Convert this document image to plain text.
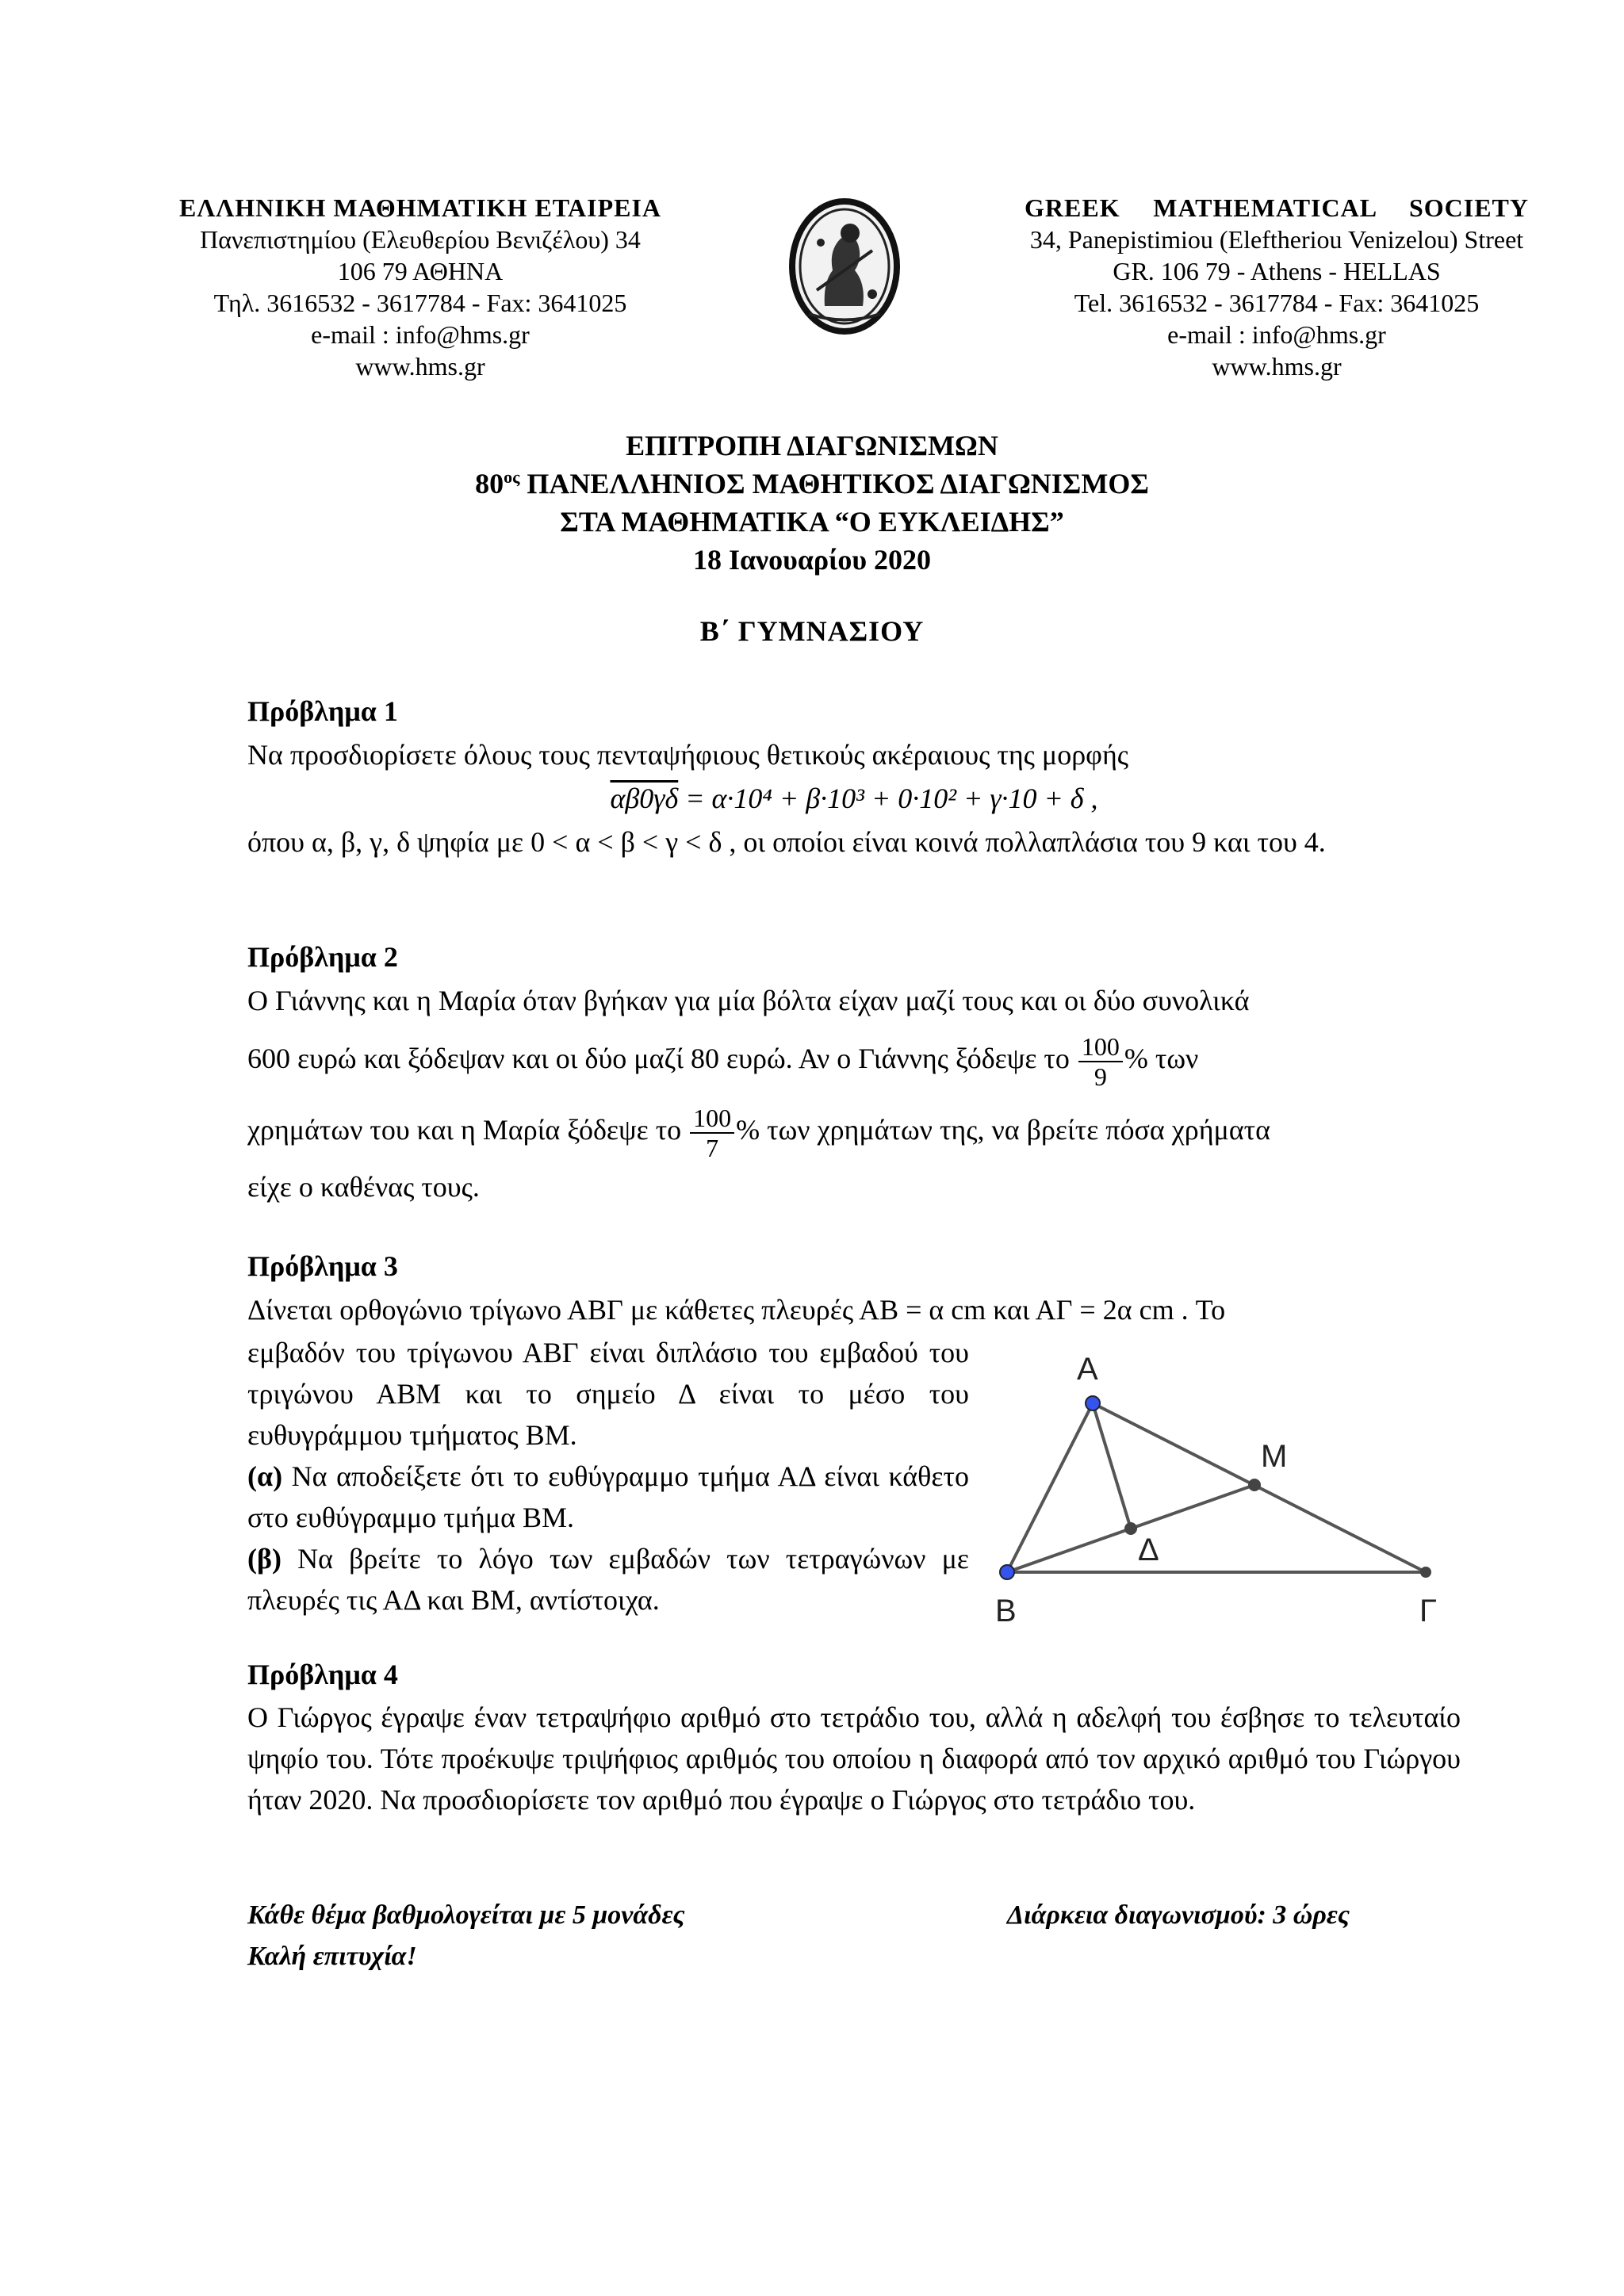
ΕΛΛΗΝΙΚΗ ΜΑΘΗΜΑΤΙΚΗ ΕΤΑΙΡΕΙΑ
Πανεπιστημίου (Ελευθερίου Βενιζέλου) 34
106 79 ΑΘΗΝΑ
Τηλ. 3616532 - 3617784 - Fax: 3641025
e-mail : info@hms.gr
www.hms.gr
GREEK MATHEMATICAL SOCIETY
34, Panepistimiou (Eleftheriou Venizelou) Street
GR. 106 79 - Athens - HELLAS
Tel. 3616532 - 3617784 - Fax: 3641025
e-mail : info@hms.gr
www.hms.gr
ΕΠΙΤΡΟΠΗ ΔΙΑΓΩΝΙΣΜΩΝ
$80^{o\varsigma}$ ΠΑΝΕΛΛΗΝΙΟΣ ΜΑΘΗΤΙΚΟΣ ΔΙΑΓΩΝΙΣΜΟΣ
ΣΤΑ ΜΑΘΗΜΑΤΙΚΑ “Ο ΕΥΚΛΕΙΔΗΣ”
18 Ιανουαρίου 2020
Β΄ ΓΥΜΝΑΣΙΟΥ
Πρόβλημα 1
Να προσδιορίσετε όλους τους πενταψήφιους θετικούς ακέραιους της μορφής
αβ0γδ = α·10⁴ + β·10³ + 0·10² + γ·10 + δ ,
όπου α, β, γ, δ ψηφία με 0 < α < β < γ < δ , οι οποίοι είναι κοινά πολλαπλάσια του 9 και του 4.
Πρόβλημα 2
Ο Γιάννης και η Μαρία όταν βγήκαν για μία βόλτα είχαν μαζί τους και οι δύο συνολικά
600 ευρώ και ξόδεψαν και οι δύο μαζί 80 ευρώ. Αν ο Γιάννης ξόδεψε το $\frac{100}{9}$ % των
χρημάτων του και η Μαρία ξόδεψε το $\frac{100}{7}$ % των χρημάτων της, να βρείτε πόσα χρήματα
είχε ο καθένας τους.
Πρόβλημα 3
Δίνεται ορθογώνιο τρίγωνο ΑΒΓ με κάθετες πλευρές ΑΒ = α cm και ΑΓ = 2α cm . Το
εμβαδόν του τρίγωνου ΑΒΓ είναι διπλάσιο του εμβαδού του τριγώνου ΑΒΜ και το σημείο Δ είναι το μέσο του ευθυγράμμου τμήματος ΒΜ.
(α) Να αποδείξετε ότι το ευθύγραμμο τμήμα ΑΔ είναι κάθετο στο ευθύγραμμο τμήμα ΒΜ.
(β) Να βρείτε το λόγο των εμβαδών των τετραγώνων με πλευρές τις ΑΔ και ΒΜ, αντίστοιχα.
Α
Β	Γ
Μ
Δ
Πρόβλημα 4
Ο Γιώργος έγραψε έναν τετραψήφιο αριθμό στο τετράδιο του, αλλά η αδελφή του έσβησε το τελευταίο ψηφίο του. Τότε προέκυψε τριψήφιος αριθμός του οποίου η διαφορά από τον αρχικό αριθμό του Γιώργου ήταν 2020. Να προσδιορίσετε τον αριθμό που έγραψε ο Γιώργος στο τετράδιο του.
Κάθε θέμα βαθμολογείται με 5 μονάδες	Διάρκεια διαγωνισμού: 3 ώρες
Καλή επιτυχία!
